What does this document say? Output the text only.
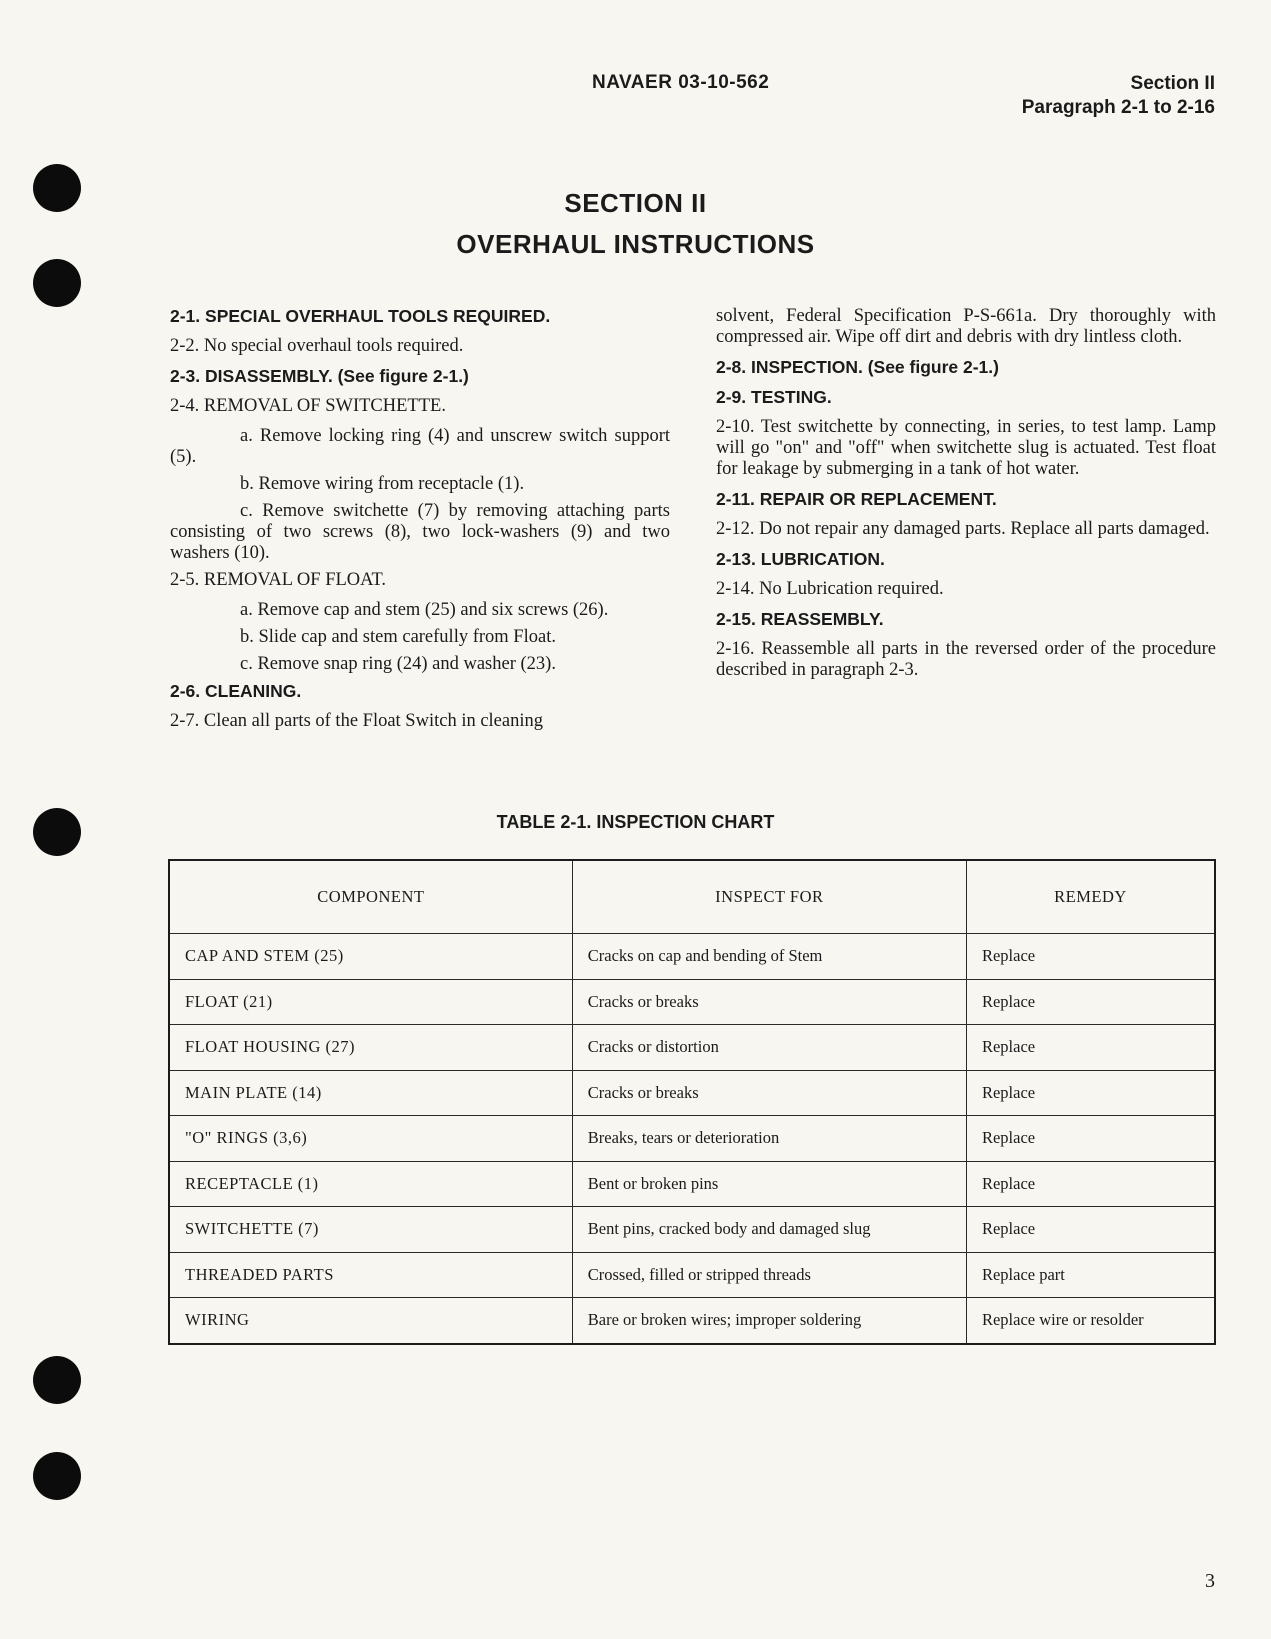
NAVAER 03-10-562	Section II
Paragraph 2-1 to 2-16
SECTION II
OVERHAUL INSTRUCTIONS

2-1. SPECIAL OVERHAUL TOOLS REQUIRED.

2-2. No special overhaul tools required.

2-3. DISASSEMBLY. (See figure 2-1.)

2-4. REMOVAL OF SWITCHETTE.

a. Remove locking ring (4) and unscrew switch support (5).

b. Remove wiring from receptacle (1).

c. Remove switchette (7) by removing attaching parts consisting of two screws (8), two lock-washers (9) and two washers (10).

2-5. REMOVAL OF FLOAT.

a. Remove cap and stem (25) and six screws (26).

b. Slide cap and stem carefully from Float.

c. Remove snap ring (24) and washer (23).

2-6. CLEANING.

2-7. Clean all parts of the Float Switch in cleaning

solvent, Federal Specification P-S-661a. Dry thoroughly with compressed air. Wipe off dirt and debris with dry lintless cloth.

2-8. INSPECTION. (See figure 2-1.)

2-9. TESTING.

2-10. Test switchette by connecting, in series, to test lamp. Lamp will go "on" and "off" when switchette slug is actuated. Test float for leakage by submerging in a tank of hot water.

2-11. REPAIR OR REPLACEMENT.

2-12. Do not repair any damaged parts. Replace all parts damaged.

2-13. LUBRICATION.

2-14. No Lubrication required.

2-15. REASSEMBLY.

2-16. Reassemble all parts in the reversed order of the procedure described in paragraph 2-3.

TABLE 2-1. INSPECTION CHART
COMPONENT	INSPECT FOR	REMEDY
CAP AND STEM (25)	Cracks on cap and bending of Stem	Replace
FLOAT (21)	Cracks or breaks	Replace
FLOAT HOUSING (27)	Cracks or distortion	Replace
MAIN PLATE (14)	Cracks or breaks	Replace
"O" RINGS (3,6)	Breaks, tears or deterioration	Replace
RECEPTACLE (1)	Bent or broken pins	Replace
SWITCHETTE (7)	Bent pins, cracked body and damaged slug	Replace
THREADED PARTS	Crossed, filled or stripped threads	Replace part
WIRING	Bare or broken wires; improper soldering	Replace wire or resolder
3
